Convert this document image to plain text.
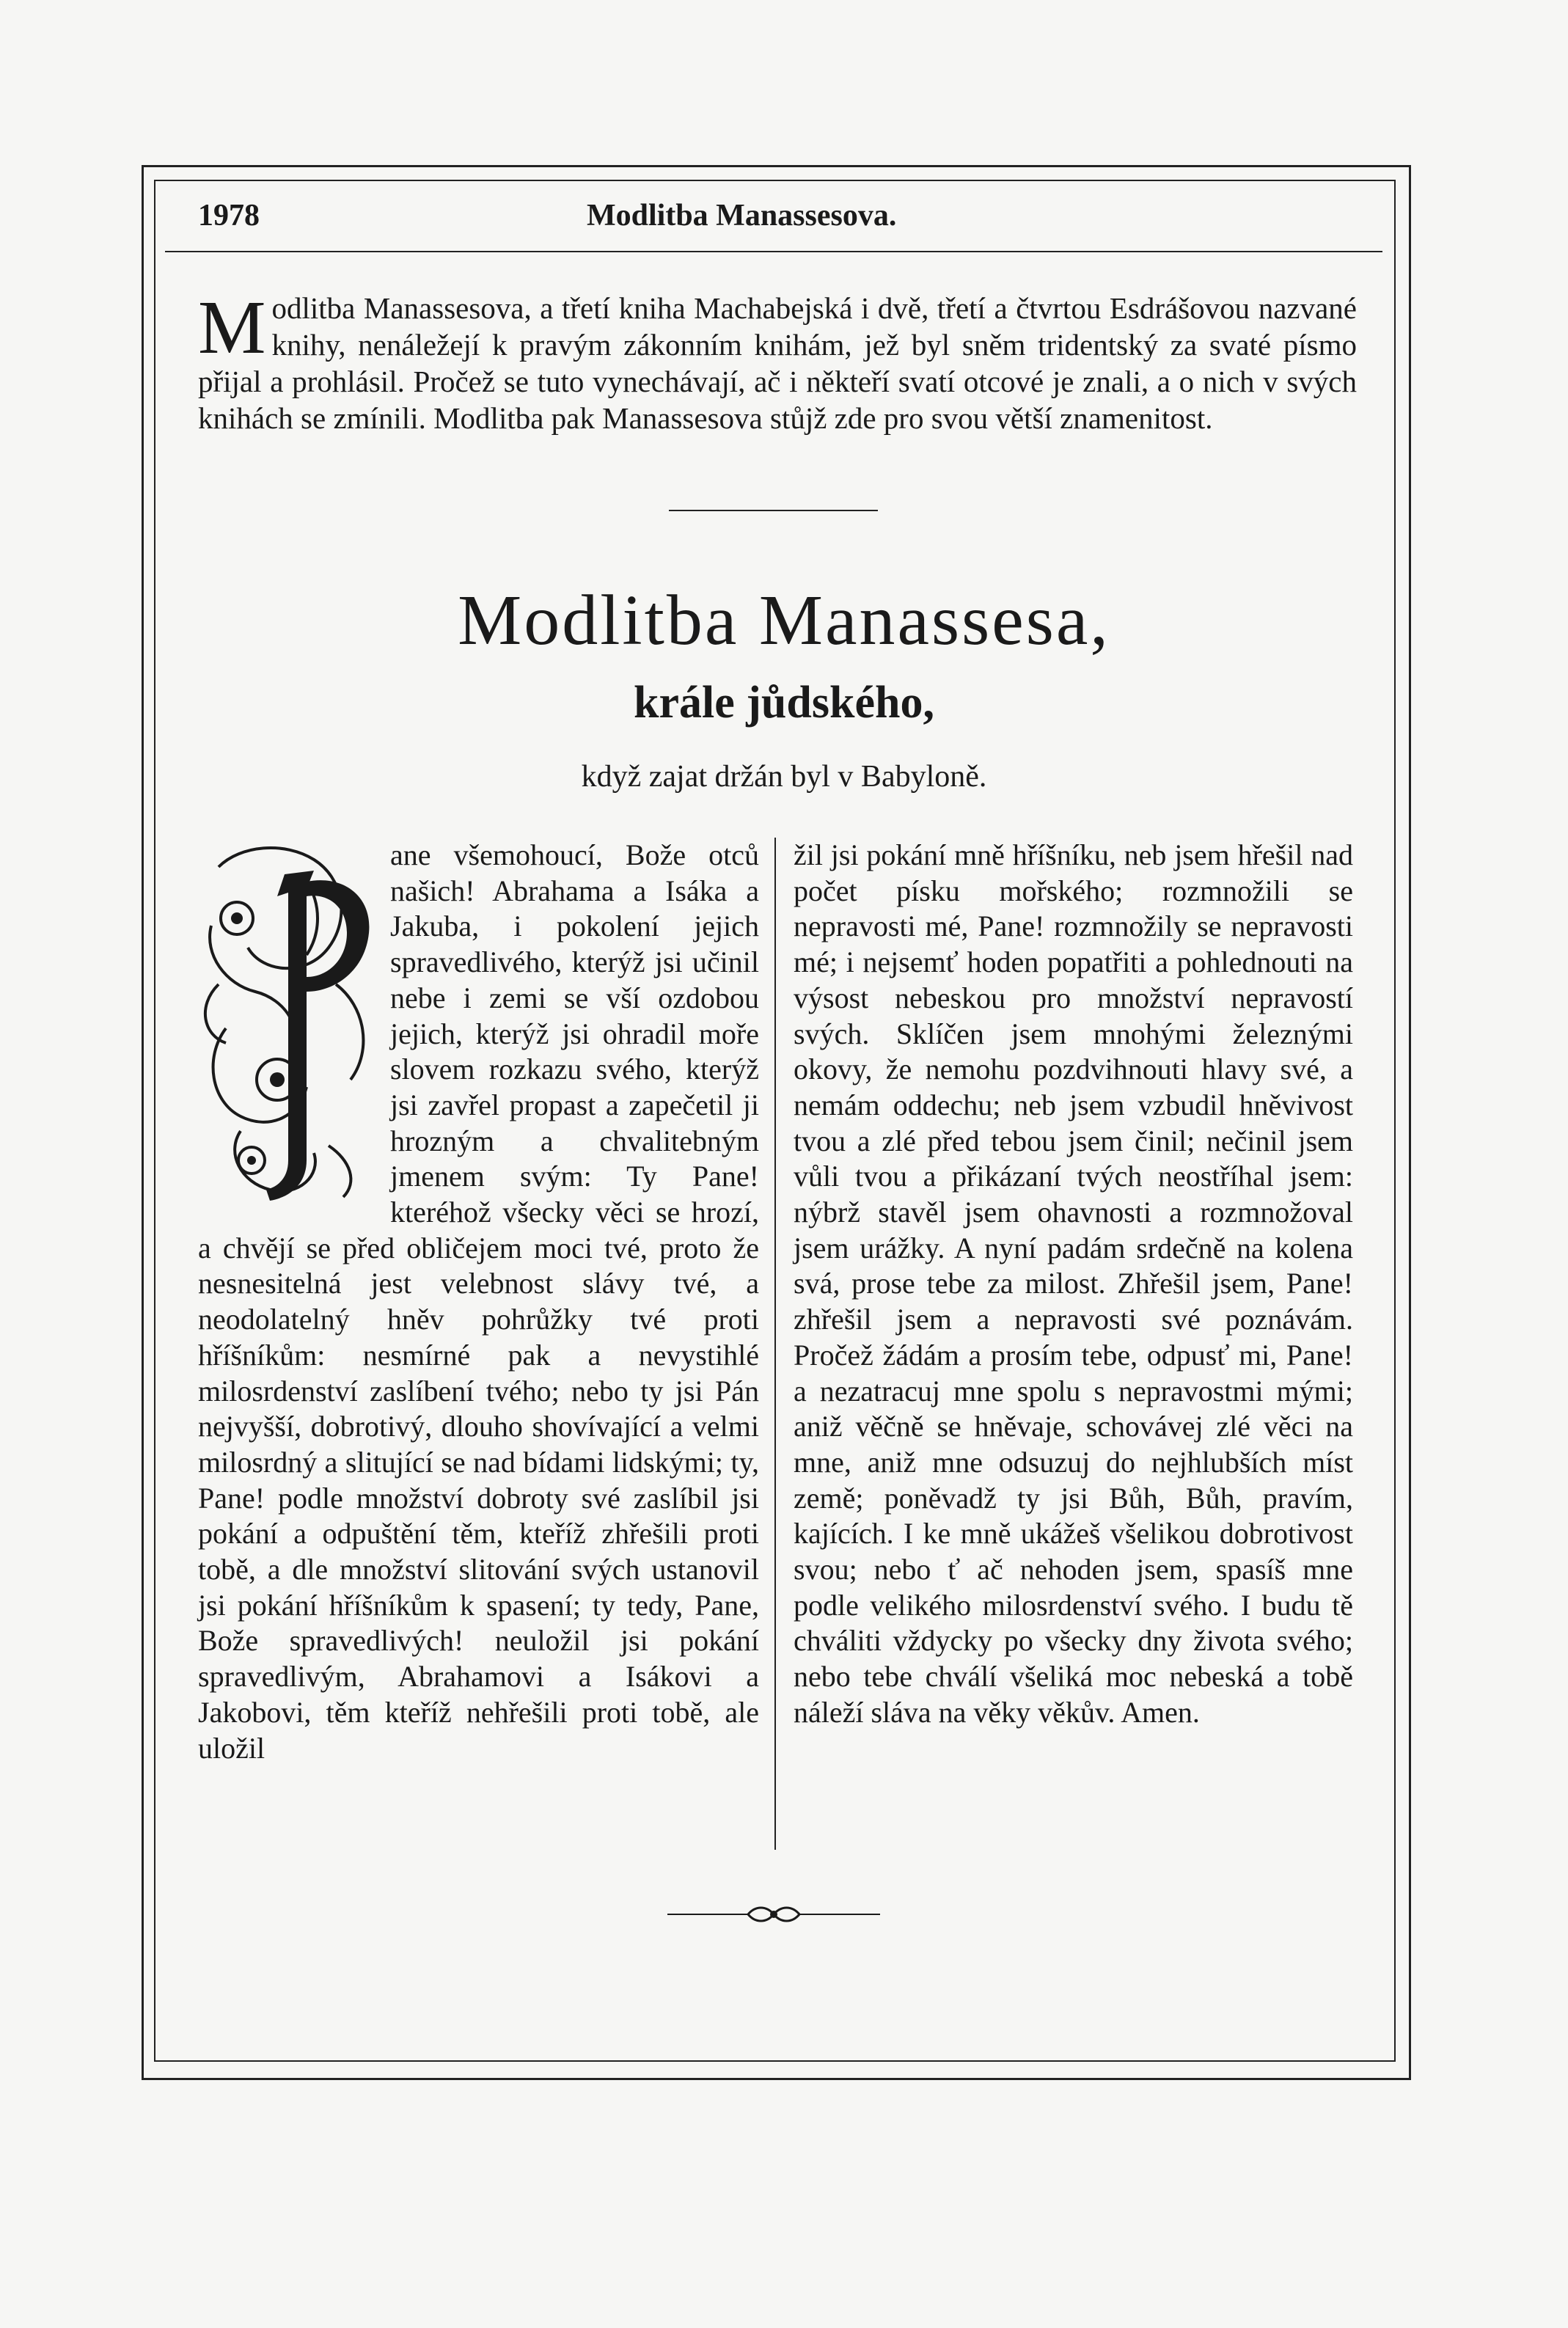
1978	Modlitba Manassesova.
M odlitba Manassesova, a třetí kniha Machabejská i dvě, třetí a čtvrtou Esdrášovou nazvané knihy, nenáležejí k pravým zákonním knihám, jež byl sněm tridentský za svaté písmo přijal a prohlásil. Pročež se tuto vynechávají, ač i někteří svatí otcové je znali, a o nich v svých knihách se zmínili. Modlitba pak Manassesova stůjž zde pro svou větší znamenitost.
Modlitba Manassesa,
krále jůdského,
když zajat držán byl v Babyloně.
ane všemohoucí, Bože otců našich! Abrahama a Isáka a Jakuba, i pokolení jejich spravedlivého, kterýž jsi učinil nebe i zemi se vší ozdobou jejich, kterýž jsi ohradil moře slovem rozkazu svého, kterýž jsi zavřel propast a zapečetil ji hrozným a chvalitebným jmenem svým: Ty Pane! kteréhož všecky věci se hrozí, a chvějí se před obličejem moci tvé, proto že nesnesitelná jest velebnost slávy tvé, a neodolatelný hněv pohrůžky tvé proti hříšníkům: nesmírné pak a nevystihlé milosrdenství zaslíbení tvého; nebo ty jsi Pán nejvyšší, dobrotivý, dlouho shovívající a velmi milosrdný a slitující se nad bídami lidskými; ty, Pane! podle množství dobroty své zaslíbil jsi pokání a odpuštění těm, kteříž zhřešili proti tobě, a dle množství slitování svých ustanovil jsi pokání hříšníkům k spasení; ty tedy, Pane, Bože spravedlivých! neuložil jsi pokání spravedlivým, Abrahamovi a Isákovi a Jakobovi, těm kteříž nehřešili proti tobě, ale uložil
žil jsi pokání mně hříšníku, neb jsem hřešil nad počet písku mořského; rozmnožili se nepravosti mé, Pane! rozmnožily se nepravosti mé; i nejsemť hoden popatřiti a pohlednouti na výsost nebeskou pro množství nepravostí svých. Sklíčen jsem mnohými železnými okovy, že nemohu pozdvihnouti hlavy své, a nemám oddechu; neb jsem vzbudil hněvivost tvou a zlé před tebou jsem činil; nečinil jsem vůli tvou a přikázaní tvých neostříhal jsem: nýbrž stavěl jsem ohavnosti a rozmnožoval jsem urážky. A nyní padám srdečně na kolena svá, prose tebe za milost. Zhřešil jsem, Pane! zhřešil jsem a nepravosti své poznávám. Pročež žádám a prosím tebe, odpusť mi, Pane! a nezatracuj mne spolu s nepravostmi mými; aniž věčně se hněvaje, schovávej zlé věci na mne, aniž mne odsuzuj do nejhlubších míst země; poněvadž ty jsi Bůh, Bůh, pravím, kajících. I ke mně ukážeš všelikou dobrotivost svou; nebo ť ač nehoden jsem, spasíš mne podle velikého milosrdenství svého. I budu tě chváliti vždycky po všecky dny života svého; nebo tebe chválí všeliká moc nebeská a tobě náleží sláva na věky věkův. Amen.
